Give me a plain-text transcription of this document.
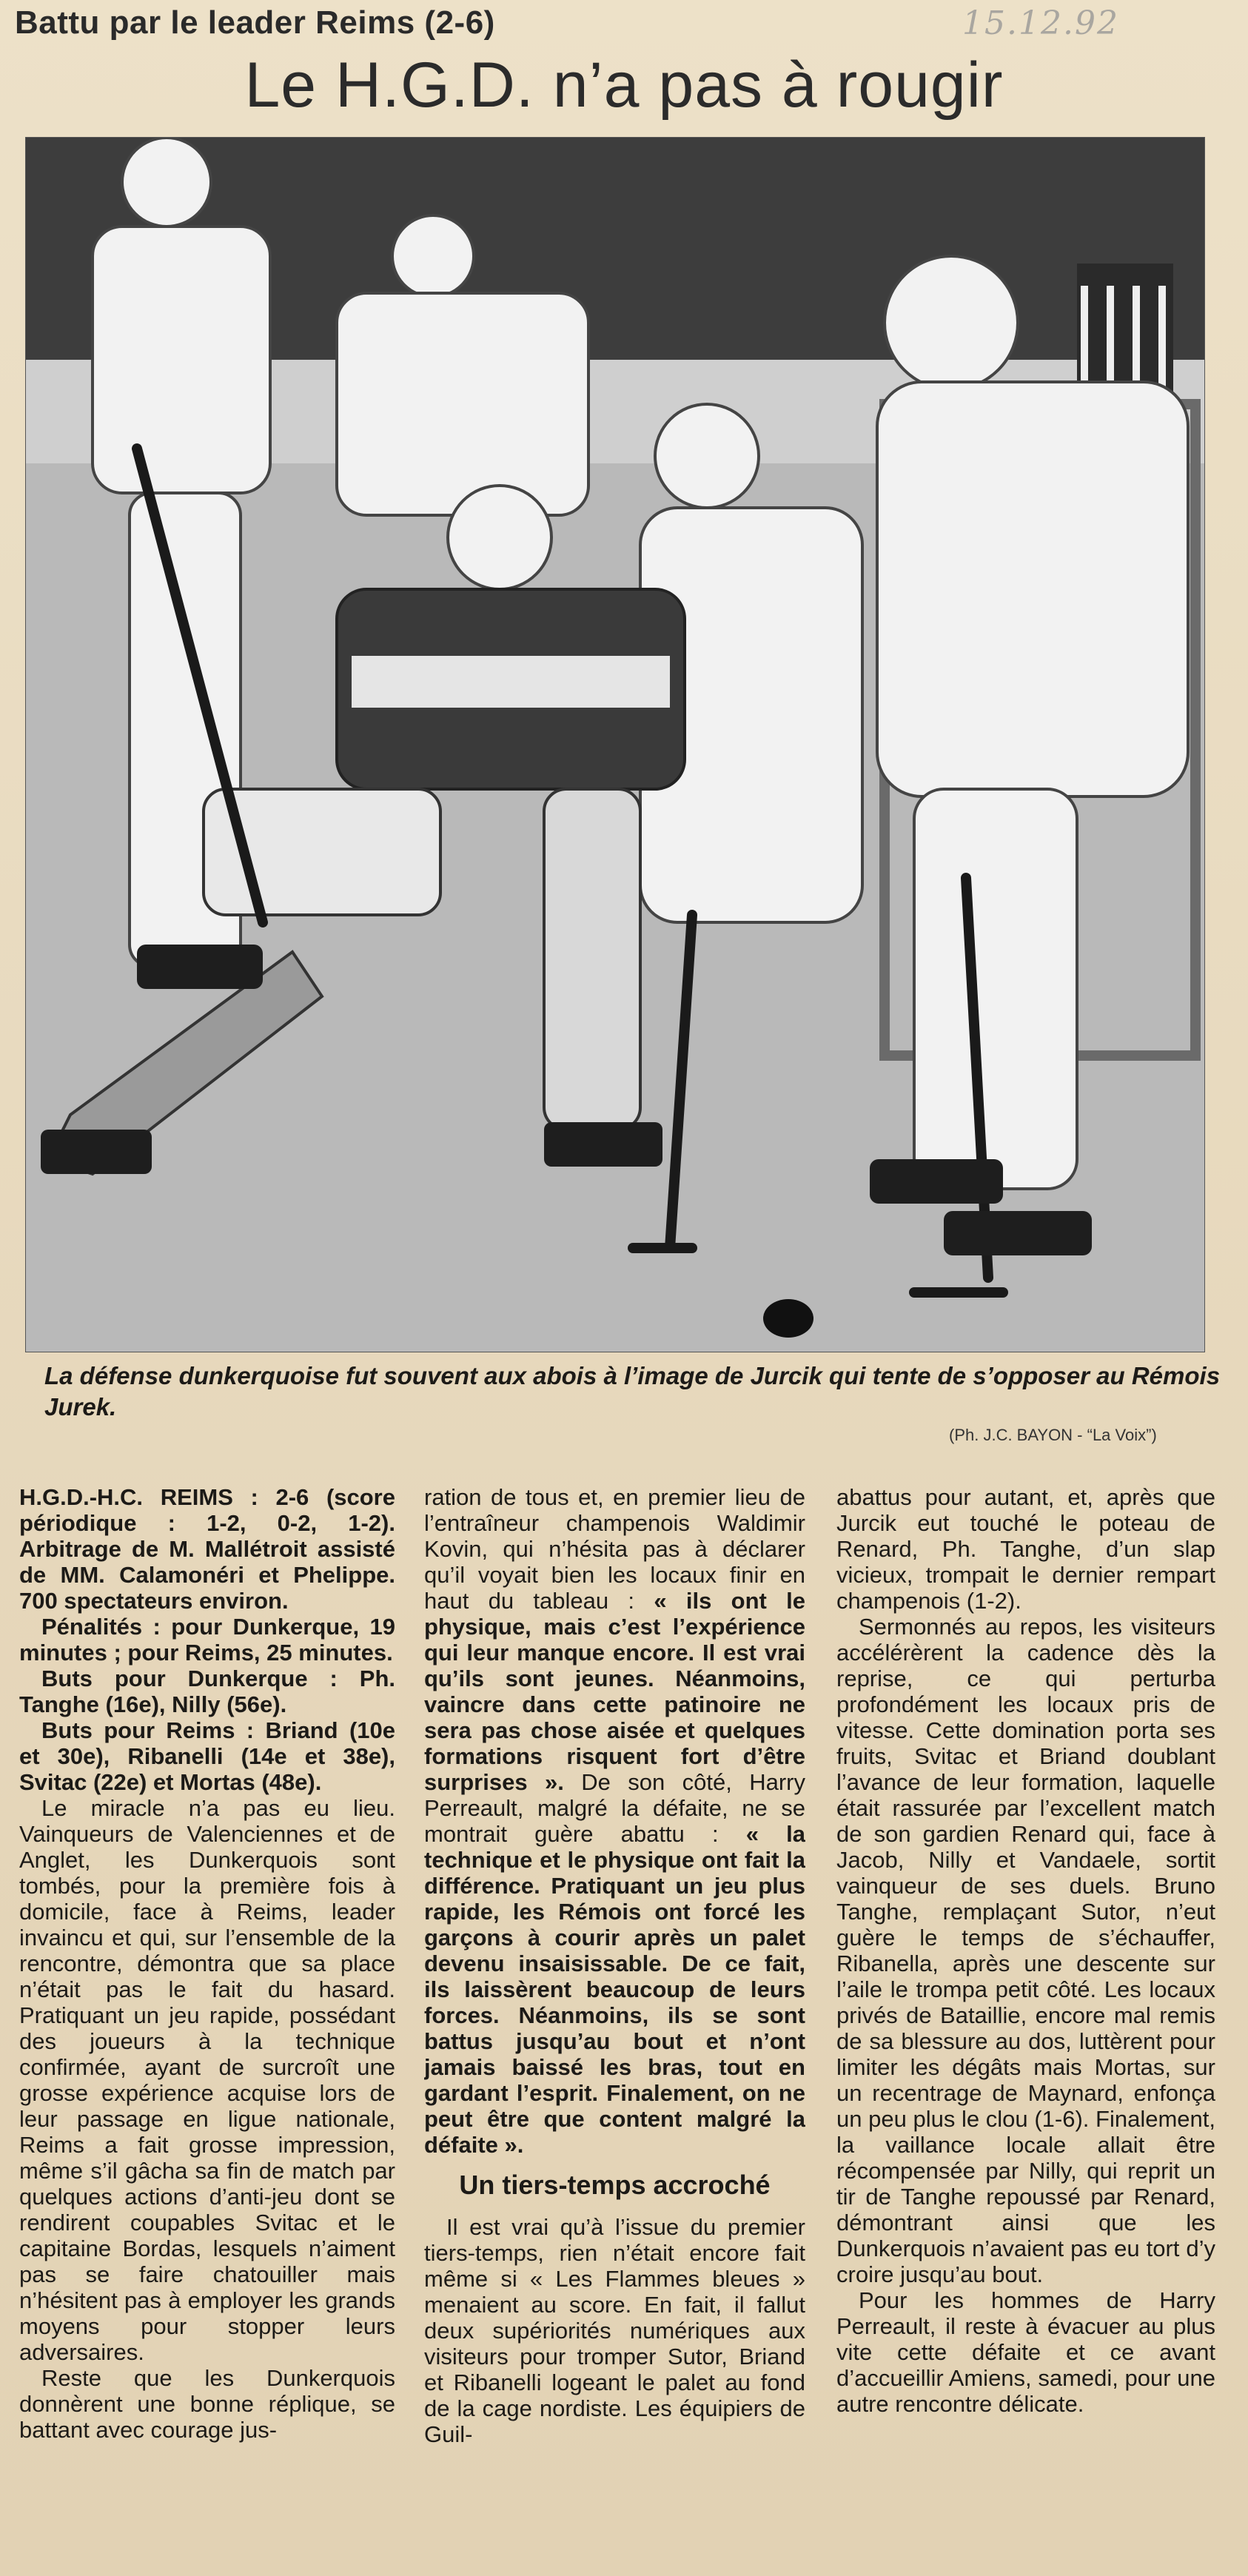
Battu par le leader Reims (2-6)	15.12.92
Le H.G.D. n’a pas à rougir
La défense dunkerquoise fut souvent aux abois à l’image de Jurcik qui tente de s’opposer au Rémois Jurek.
(Ph. J.C. BAYON - “La Voix”)

H.G.D.-H.C. REIMS : 2-6 (score périodique : 1-2, 0-2, 1-2). Arbitrage de M. Mallétroit assisté de MM. Calamonéri et Phelippe. 700 spectateurs environ.

Pénalités : pour Dunkerque, 19 minutes ; pour Reims, 25 minutes.

Buts pour Dunkerque : Ph. Tanghe (16e), Nilly (56e).

Buts pour Reims : Briand (10e et 30e), Ribanelli (14e et 38e), Svitac (22e) et Mortas (48e).

Le miracle n’a pas eu lieu. Vainqueurs de Valenciennes et de Anglet, les Dunkerquois sont tombés, pour la première fois à domicile, face à Reims, leader invaincu et qui, sur l’ensemble de la rencontre, démontra que sa place n’était pas le fait du hasard. Pratiquant un jeu rapide, possédant des joueurs à la technique confirmée, ayant de surcroît une grosse expérience acquise lors de leur passage en ligue nationale, Reims a fait grosse impression, même s’il gâcha sa fin de match par quelques actions d’anti-jeu dont se rendirent coupables Svitac et le capitaine Bordas, lesquels n’aiment pas se faire chatouiller mais n’hésitent pas à employer les grands moyens pour stopper leurs adversaires.

Reste que les Dunkerquois donnèrent une bonne réplique, se battant avec courage jus-

ration de tous et, en premier lieu de l’entraîneur champenois Waldimir Kovin, qui n’hésita pas à déclarer qu’il voyait bien les locaux finir en haut du tableau : « ils ont le physique, mais c’est l’expérience qui leur manque encore. Il est vrai qu’ils sont jeunes. Néanmoins, vaincre dans cette patinoire ne sera pas chose aisée et quelques formations risquent fort d’être surprises ». De son côté, Harry Perreault, malgré la défaite, ne se montrait guère abattu : « la technique et le physique ont fait la différence. Pratiquant un jeu plus rapide, les Rémois ont forcé les garçons à courir après un palet devenu insaisissable. De ce fait, ils laissèrent beaucoup de leurs forces. Néanmoins, ils se sont battus jusqu’au bout et n’ont jamais baissé les bras, tout en gardant l’esprit. Finalement, on ne peut être que content malgré la défaite ».

Un tiers-temps accroché

Il est vrai qu’à l’issue du premier tiers-temps, rien n’était encore fait même si « Les Flammes bleues » menaient au score. En fait, il fallut deux supériorités numériques aux visiteurs pour tromper Sutor, Briand et Ribanelli logeant le palet au fond de la cage nordiste. Les équipiers de Guil-

abattus pour autant, et, après que Jurcik eut touché le poteau de Renard, Ph. Tanghe, d’un slap vicieux, trompait le dernier rempart champenois (1-2).

Sermonnés au repos, les visiteurs accélérèrent la cadence dès la reprise, ce qui perturba profondément les locaux pris de vitesse. Cette domination porta ses fruits, Svitac et Briand doublant l’avance de leur formation, laquelle était rassurée par l’excellent match de son gardien Renard qui, face à Jacob, Nilly et Vandaele, sortit vainqueur de ses duels. Bruno Tanghe, remplaçant Sutor, n’eut guère le temps de s’échauffer, Ribanella, après une descente sur l’aile le trompa petit côté. Les locaux privés de Bataillie, encore mal remis de sa blessure au dos, luttèrent pour limiter les dégâts mais Mortas, sur un recentrage de Maynard, enfonça un peu plus le clou (1-6). Finalement, la vaillance locale allait être récompensée par Nilly, qui reprit un tir de Tanghe repoussé par Renard, démontrant ainsi que les Dunkerquois n’avaient pas eu tort d’y croire jusqu’au bout.

Pour les hommes de Harry Perreault, il reste à évacuer au plus vite cette défaite et ce avant d’accueillir Amiens, samedi, pour une autre rencontre délicate.
